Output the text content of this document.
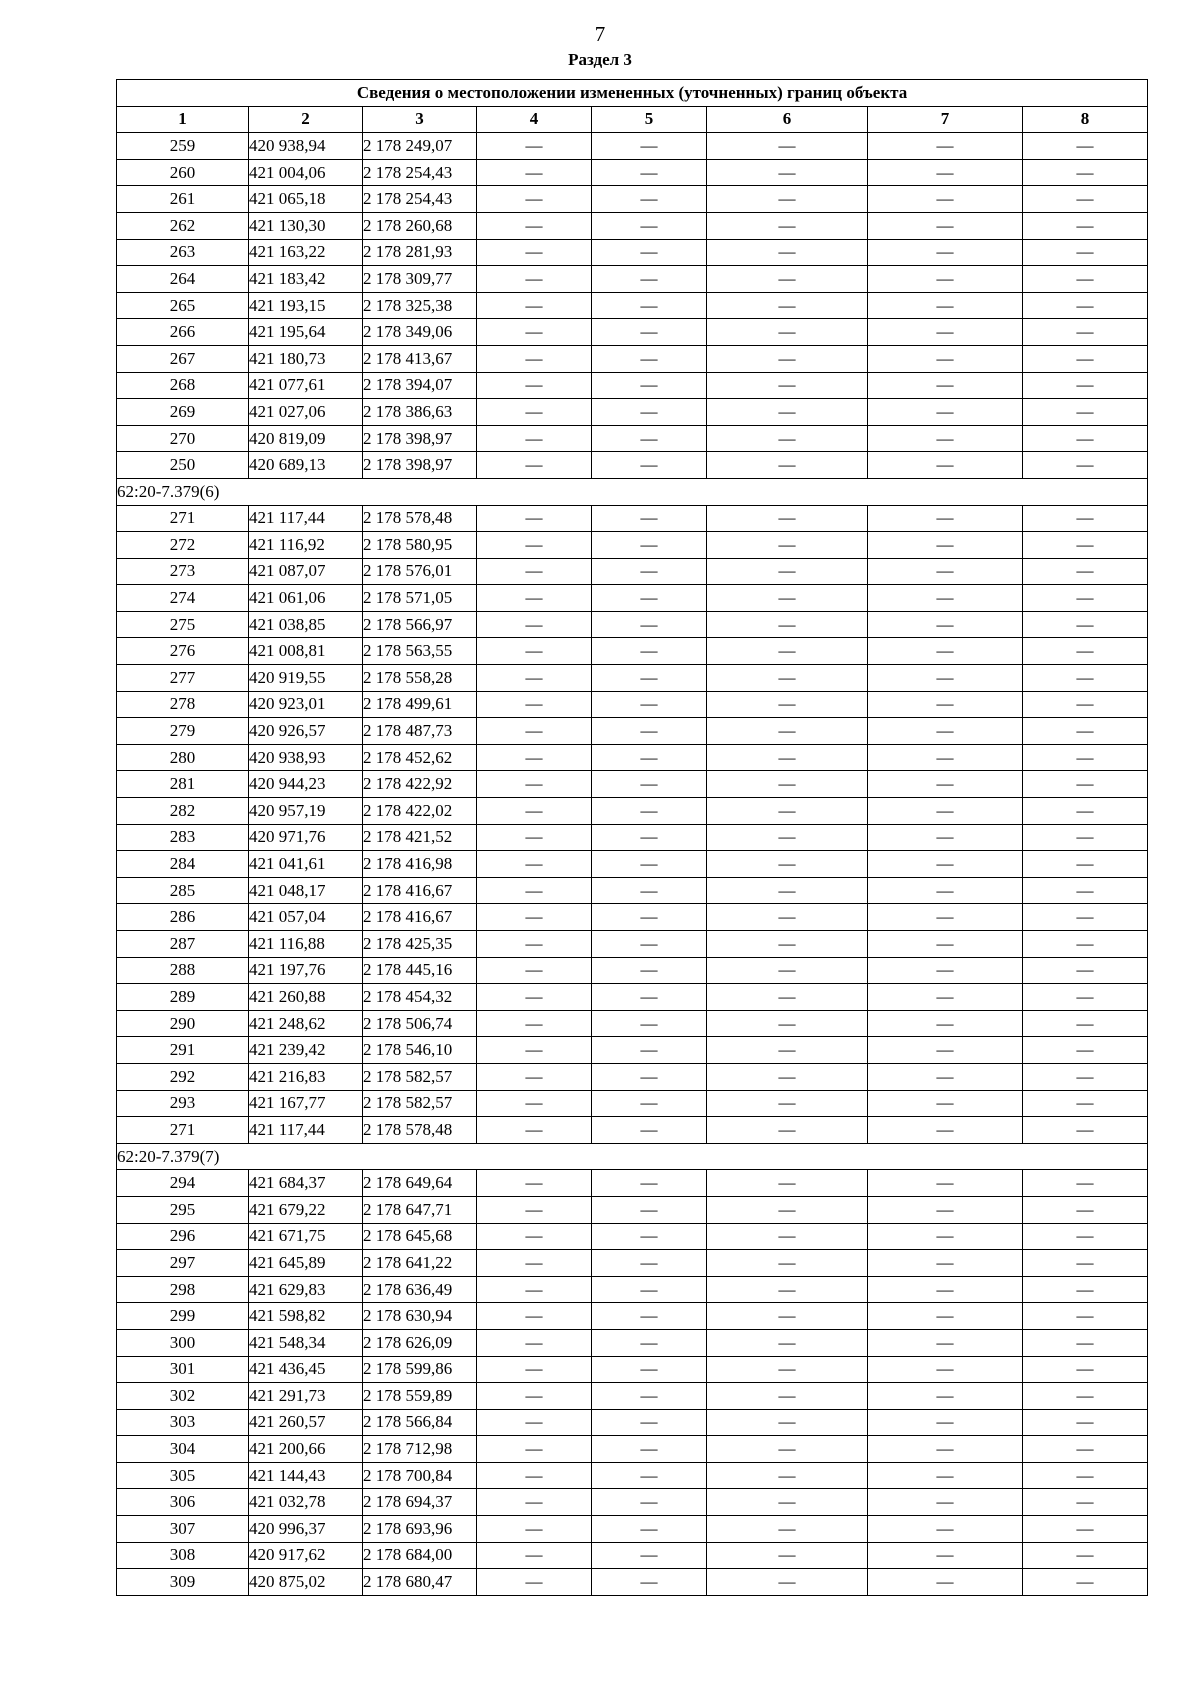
7
Раздел 3
Сведения о местоположении измененных (уточненных) границ объекта							
1	2	3	4	5	6	7	8
259	420 938,94	2 178 249,07	—	—	—	—	—
260	421 004,06	2 178 254,43	—	—	—	—	—
261	421 065,18	2 178 254,43	—	—	—	—	—
262	421 130,30	2 178 260,68	—	—	—	—	—
263	421 163,22	2 178 281,93	—	—	—	—	—
264	421 183,42	2 178 309,77	—	—	—	—	—
265	421 193,15	2 178 325,38	—	—	—	—	—
266	421 195,64	2 178 349,06	—	—	—	—	—
267	421 180,73	2 178 413,67	—	—	—	—	—
268	421 077,61	2 178 394,07	—	—	—	—	—
269	421 027,06	2 178 386,63	—	—	—	—	—
270	420 819,09	2 178 398,97	—	—	—	—	—
250	420 689,13	2 178 398,97	—	—	—	—	—
62:20-7.379(6)							
271	421 117,44	2 178 578,48	—	—	—	—	—
272	421 116,92	2 178 580,95	—	—	—	—	—
273	421 087,07	2 178 576,01	—	—	—	—	—
274	421 061,06	2 178 571,05	—	—	—	—	—
275	421 038,85	2 178 566,97	—	—	—	—	—
276	421 008,81	2 178 563,55	—	—	—	—	—
277	420 919,55	2 178 558,28	—	—	—	—	—
278	420 923,01	2 178 499,61	—	—	—	—	—
279	420 926,57	2 178 487,73	—	—	—	—	—
280	420 938,93	2 178 452,62	—	—	—	—	—
281	420 944,23	2 178 422,92	—	—	—	—	—
282	420 957,19	2 178 422,02	—	—	—	—	—
283	420 971,76	2 178 421,52	—	—	—	—	—
284	421 041,61	2 178 416,98	—	—	—	—	—
285	421 048,17	2 178 416,67	—	—	—	—	—
286	421 057,04	2 178 416,67	—	—	—	—	—
287	421 116,88	2 178 425,35	—	—	—	—	—
288	421 197,76	2 178 445,16	—	—	—	—	—
289	421 260,88	2 178 454,32	—	—	—	—	—
290	421 248,62	2 178 506,74	—	—	—	—	—
291	421 239,42	2 178 546,10	—	—	—	—	—
292	421 216,83	2 178 582,57	—	—	—	—	—
293	421 167,77	2 178 582,57	—	—	—	—	—
271	421 117,44	2 178 578,48	—	—	—	—	—
62:20-7.379(7)							
294	421 684,37	2 178 649,64	—	—	—	—	—
295	421 679,22	2 178 647,71	—	—	—	—	—
296	421 671,75	2 178 645,68	—	—	—	—	—
297	421 645,89	2 178 641,22	—	—	—	—	—
298	421 629,83	2 178 636,49	—	—	—	—	—
299	421 598,82	2 178 630,94	—	—	—	—	—
300	421 548,34	2 178 626,09	—	—	—	—	—
301	421 436,45	2 178 599,86	—	—	—	—	—
302	421 291,73	2 178 559,89	—	—	—	—	—
303	421 260,57	2 178 566,84	—	—	—	—	—
304	421 200,66	2 178 712,98	—	—	—	—	—
305	421 144,43	2 178 700,84	—	—	—	—	—
306	421 032,78	2 178 694,37	—	—	—	—	—
307	420 996,37	2 178 693,96	—	—	—	—	—
308	420 917,62	2 178 684,00	—	—	—	—	—
309	420 875,02	2 178 680,47	—	—	—	—	—
